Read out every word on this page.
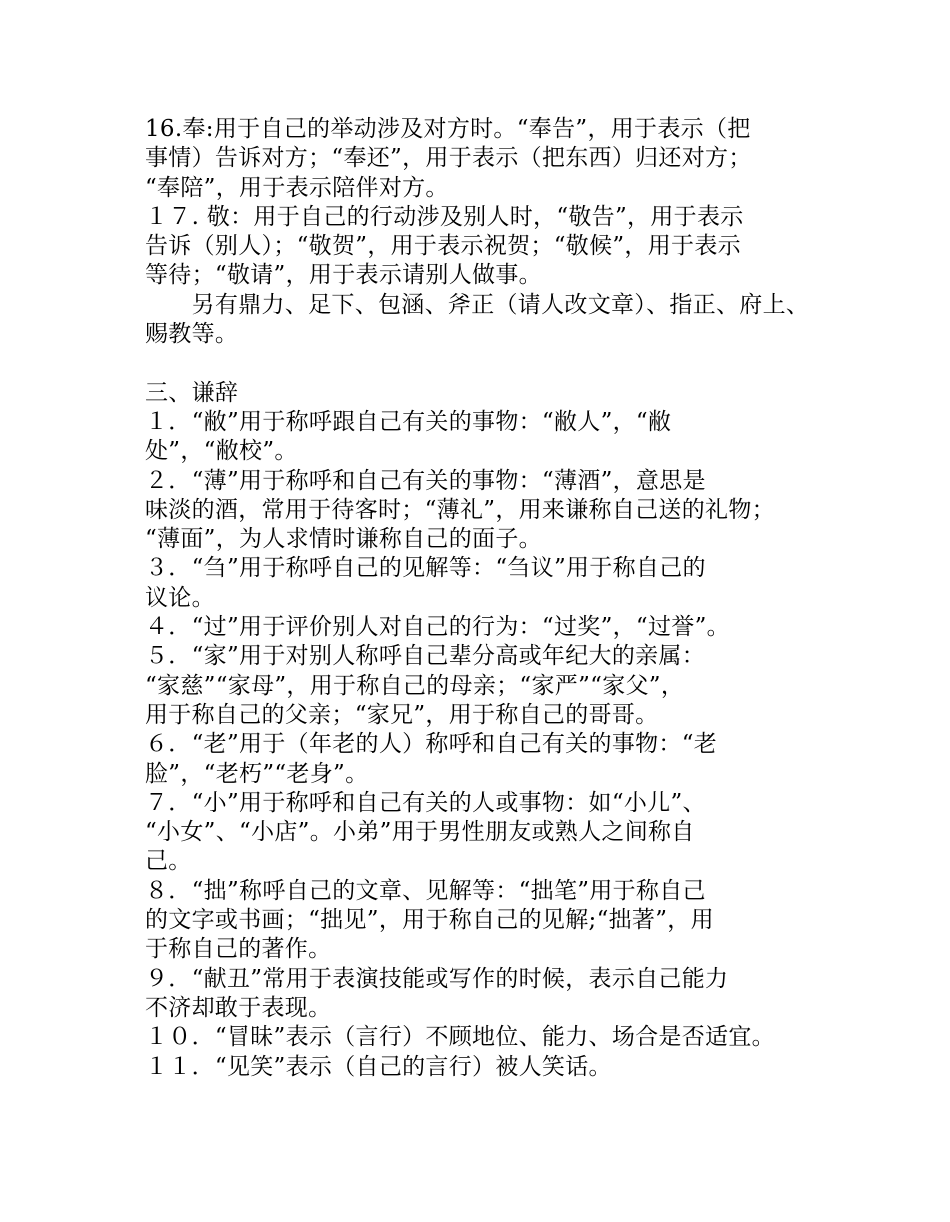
16.奉:用于自己的举动涉及对方时。“奉告”，用于表示（把
事情）告诉对方；“奉还”，用于表示（把东西）归还对方；
“奉陪”，用于表示陪伴对方。
１７. 敬：用于自己的行动涉及别人时，“敬告”，用于表示
告诉（别人）；“敬贺”，用于表示祝贺；“敬候”，用于表示
等待；“敬请”，用于表示请别人做事。
　　另有鼎力、足下、包涵、斧正（请人改文章）、指正、府上、
赐教等。
三、谦辞
１．“敝”用于称呼跟自己有关的事物：“敝人”，“敝
处”，“敝校”。
２．“薄”用于称呼和自己有关的事物：“薄酒”，意思是
味淡的酒，常用于待客时；“薄礼”，用来谦称自己送的礼物；
“薄面”，为人求情时谦称自己的面子。
３．“刍”用于称呼自己的见解等：“刍议”用于称自己的
议论。
４．“过”用于评价别人对自己的行为：“过奖”，“过誉”。
５．“家”用于对别人称呼自己辈分高或年纪大的亲属：
“家慈”“家母”，用于称自己的母亲；“家严”“家父”，
用于称自己的父亲；“家兄”，用于称自己的哥哥。
６．“老”用于（年老的人）称呼和自己有关的事物：“老
脸”，“老朽”“老身”。
７．“小”用于称呼和自己有关的人或事物：如“小儿”、
“小女”、“小店”。小弟”用于男性朋友或熟人之间称自
己。
８．“拙”称呼自己的文章、见解等：“拙笔”用于称自己
的文字或书画；“拙见”，用于称自己的见解;“拙著”，用
于称自己的著作。
９．“献丑”常用于表演技能或写作的时候，表示自己能力
不济却敢于表现。
１０．“冒昧”表示（言行）不顾地位、能力、场合是否适宜。
１１．“见笑”表示（自己的言行）被人笑话。
